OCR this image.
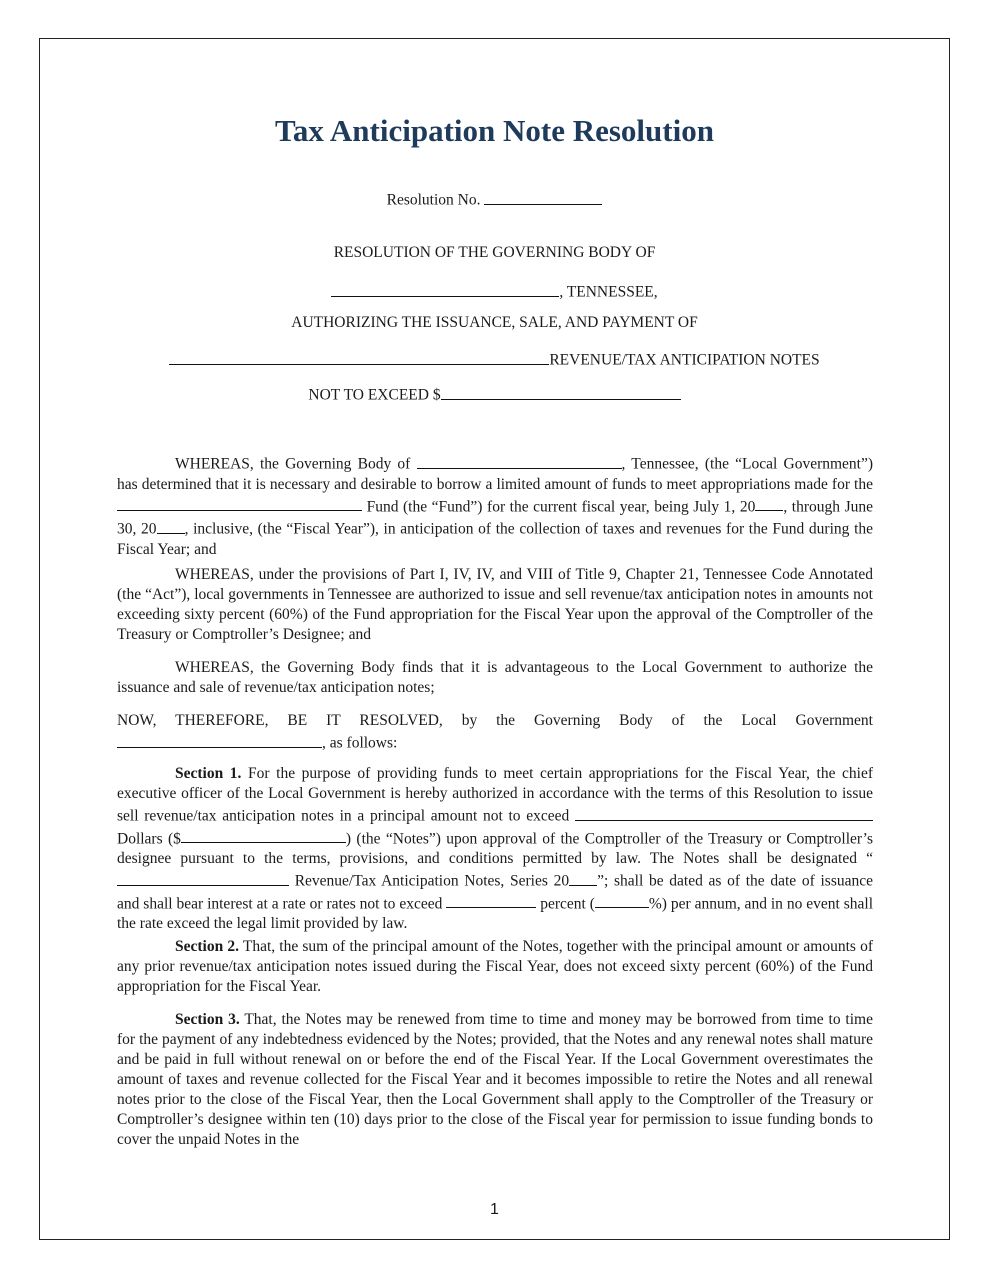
Tax Anticipation Note Resolution
Resolution No.
RESOLUTION OF THE GOVERNING BODY OF
, TENNESSEE,
AUTHORIZING THE ISSUANCE, SALE, AND PAYMENT OF
REVENUE/TAX ANTICIPATION NOTES
NOT TO EXCEED $

WHEREAS, the Governing Body of	, Tennessee, (the “Local Government”) has determined that it is necessary and desirable to borrow a limited amount of funds to meet appropriations made for the  Fund (the “Fund”) for the current fiscal year, being July 1, 20 , through June 30, 20 , inclusive, (the “Fiscal Year”), in anticipation of the collection of taxes and revenues for the Fund during the Fiscal Year; and

WHEREAS, under the provisions of Part I, IV, IV, and VIII of Title 9, Chapter 21, Tennessee Code Annotated (the “Act”), local governments in Tennessee are authorized to issue and sell revenue/tax anticipation notes in amounts not exceeding sixty percent (60%) of the Fund appropriation for the Fiscal Year upon the approval of the Comptroller of the Treasury or Comptroller’s Designee; and

WHEREAS, the Governing Body finds that it is advantageous to the Local Government to authorize the issuance and sale of revenue/tax anticipation notes;

NOW, THEREFORE, BE IT RESOLVED, by the Governing Body of the Local Government , as follows:

Section 1. For the purpose of providing funds to meet certain appropriations for the Fiscal Year, the chief executive officer of the Local Government is hereby authorized in accordance with the terms of this Resolution to issue sell revenue/tax anticipation notes in a principal amount not to exceed Dollars ($	) (the “Notes”) upon approval of the Comptroller of the Treasury or Comptroller’s designee pursuant to the terms, provisions, and conditions permitted by law. The Notes shall be designated “ Revenue/Tax Anticipation Notes, Series 20 ”; shall be dated as of the date of issuance and shall bear interest at a rate or rates not to exceed	percent (	%) per annum, and in no event shall the rate exceed the legal limit provided by law.

Section 2. That, the sum of the principal amount of the Notes, together with the principal amount or amounts of any prior revenue/tax anticipation notes issued during the Fiscal Year, does not exceed sixty percent (60%) of the Fund appropriation for the Fiscal Year.

Section 3. That, the Notes may be renewed from time to time and money may be borrowed from time to time for the payment of any indebtedness evidenced by the Notes; provided, that the Notes and any renewal notes shall mature and be paid in full without renewal on or before the end of the Fiscal Year. If the Local Government overestimates the amount of taxes and revenue collected for the Fiscal Year and it becomes impossible to retire the Notes and all renewal notes prior to the close of the Fiscal Year, then the Local Government shall apply to the Comptroller of the Treasury or Comptroller’s designee within ten (10) days prior to the close of the Fiscal year for permission to issue funding bonds to cover the unpaid Notes in the

1
